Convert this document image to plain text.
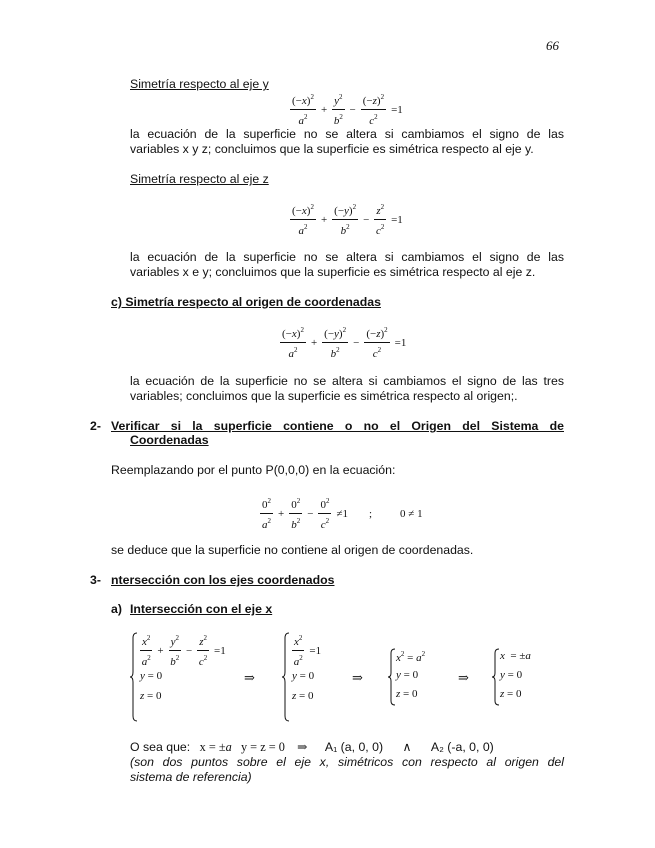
66
Simetría respecto al eje y
$\frac{(-x)^2}{a^2} + \frac{y^2}{b^2} - \frac{(-z)^2}{c^2} =1$
la ecuación de la superficie no se altera si cambiamos el signo de las
variables x y z; concluimos que la superficie es simétrica respecto al eje y.
Simetría respecto al eje z
$\frac{(-x)^2}{a^2} + \frac{(-y)^2}{b^2} - \frac{z^2}{c^2} =1$
la ecuación de la superficie no se altera si cambiamos el signo de las
variables x e y; concluimos que la superficie es simétrica respecto al eje z.
c) Simetría respecto al origen de coordenadas
$\frac{(-x)^2}{a^2} + \frac{(-y)^2}{b^2} - \frac{(-z)^2}{c^2} =1$
la ecuación de la superficie no se altera si cambiamos el signo de las tres
variables; concluimos que la superficie es simétrica respecto al origen;.
2- Verificar si la superficie contiene o no el Origen del Sistema de
Coordenadas
Reemplazando por el punto P(0,0,0) en la ecuación:
$\frac{0^2}{a^2} + \frac{0^2}{b^2} - \frac{0^2}{c^2} \ne 1$ ;	0 ≠ 1
se deduce que la superficie no contiene al origen de coordenadas.
3- ntersección con los ejes coordenados
a) Intersección con el eje x
$\frac{x^2}{a^2} + \frac{y^2}{b^2} - \frac{z^2}{c^2} =1$
y = 0
z = 0
⇒
$\frac{x^2}{a^2} =1$
y = 0
z = 0
⇒
$x^2 = a^2$
y = 0
z = 0
⇒
x  = ±a
y = 0
z = 0
O sea que: x = ±a   y = z = 0    ⇒ A₁ (a, 0, 0) ∧ A₂ (-a, 0, 0)
(son dos puntos sobre el eje x, simétricos con respecto al origen del
sistema de referencia)
